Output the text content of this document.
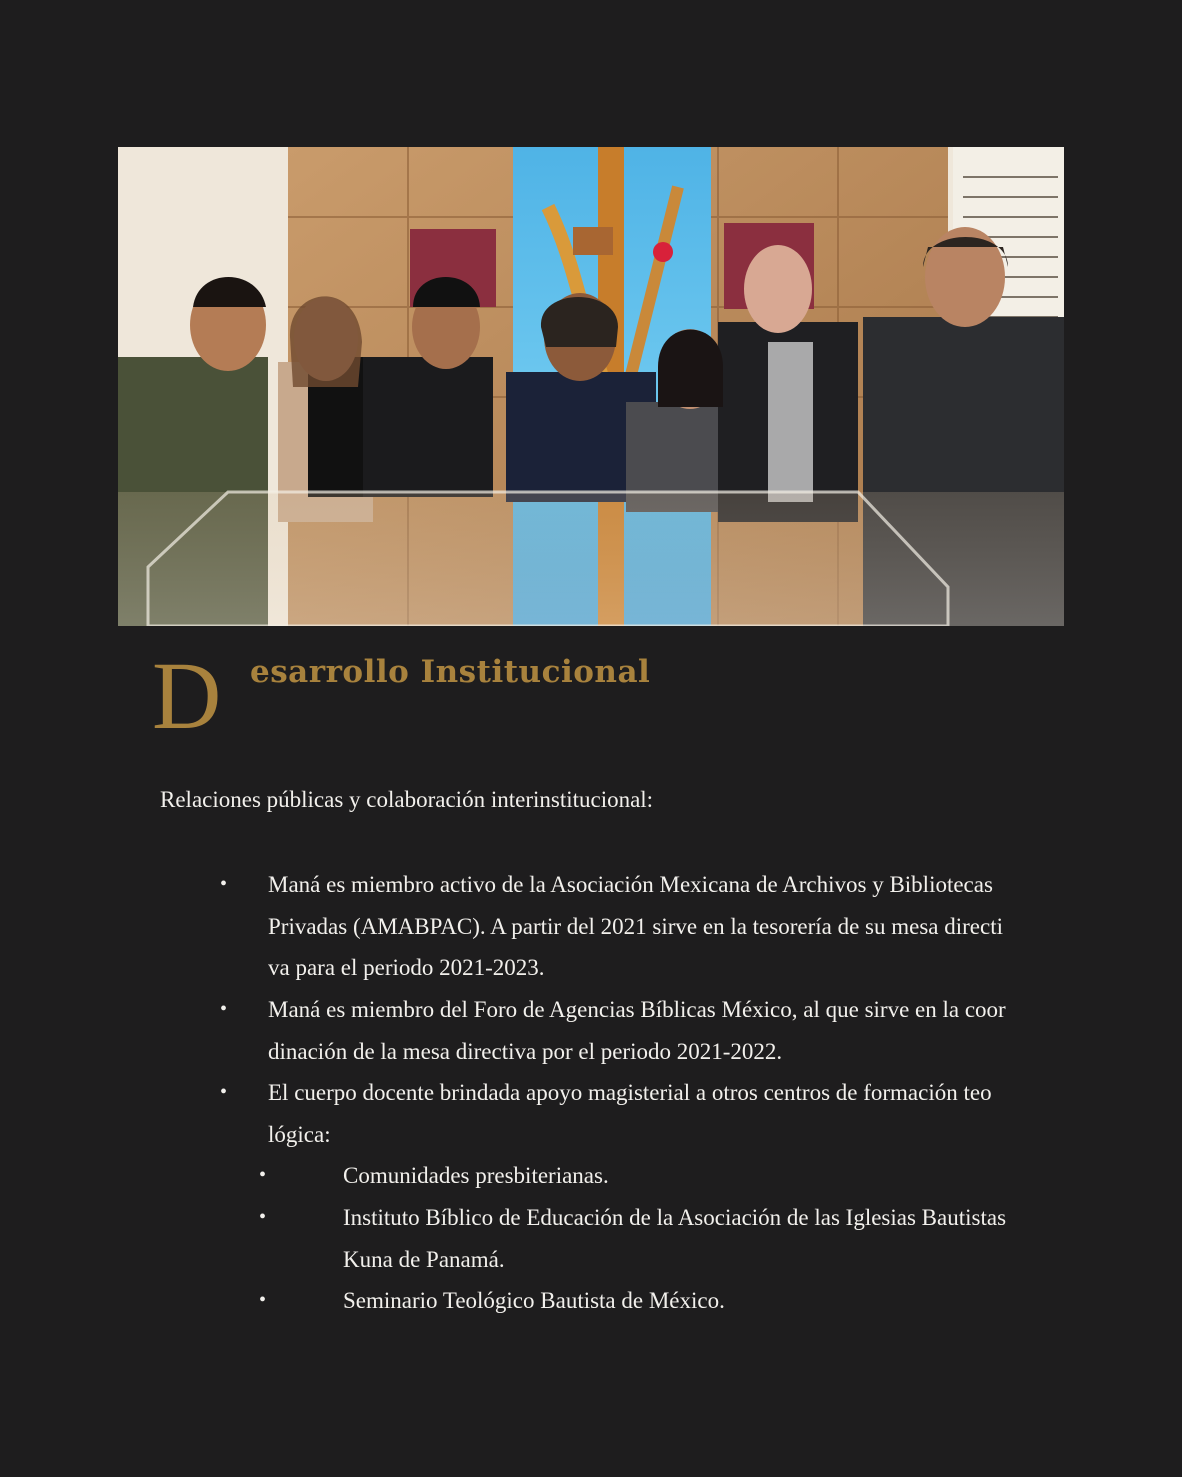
D esarrollo Institucional
Relaciones públicas y colaboración interinstitucional:
• Maná es miembro activo de la Asociación Mexicana de Archivos y Bibliotecas
Privadas (AMABPAC). A partir del 2021 sirve en la tesorería de su mesa directi
va para el periodo 2021-2023.
• Maná es miembro del Foro de Agencias Bíblicas México, al que sirve en la coor
dinación de la mesa directiva por el periodo 2021-2022.
• El cuerpo docente brindada apoyo magisterial a otros centros de formación teo
lógica:
•	Comunidades presbiterianas.
•	Instituto Bíblico de Educación de la Asociación de las Iglesias Bautistas
Kuna de Panamá.
•	Seminario Teológico Bautista de México.
